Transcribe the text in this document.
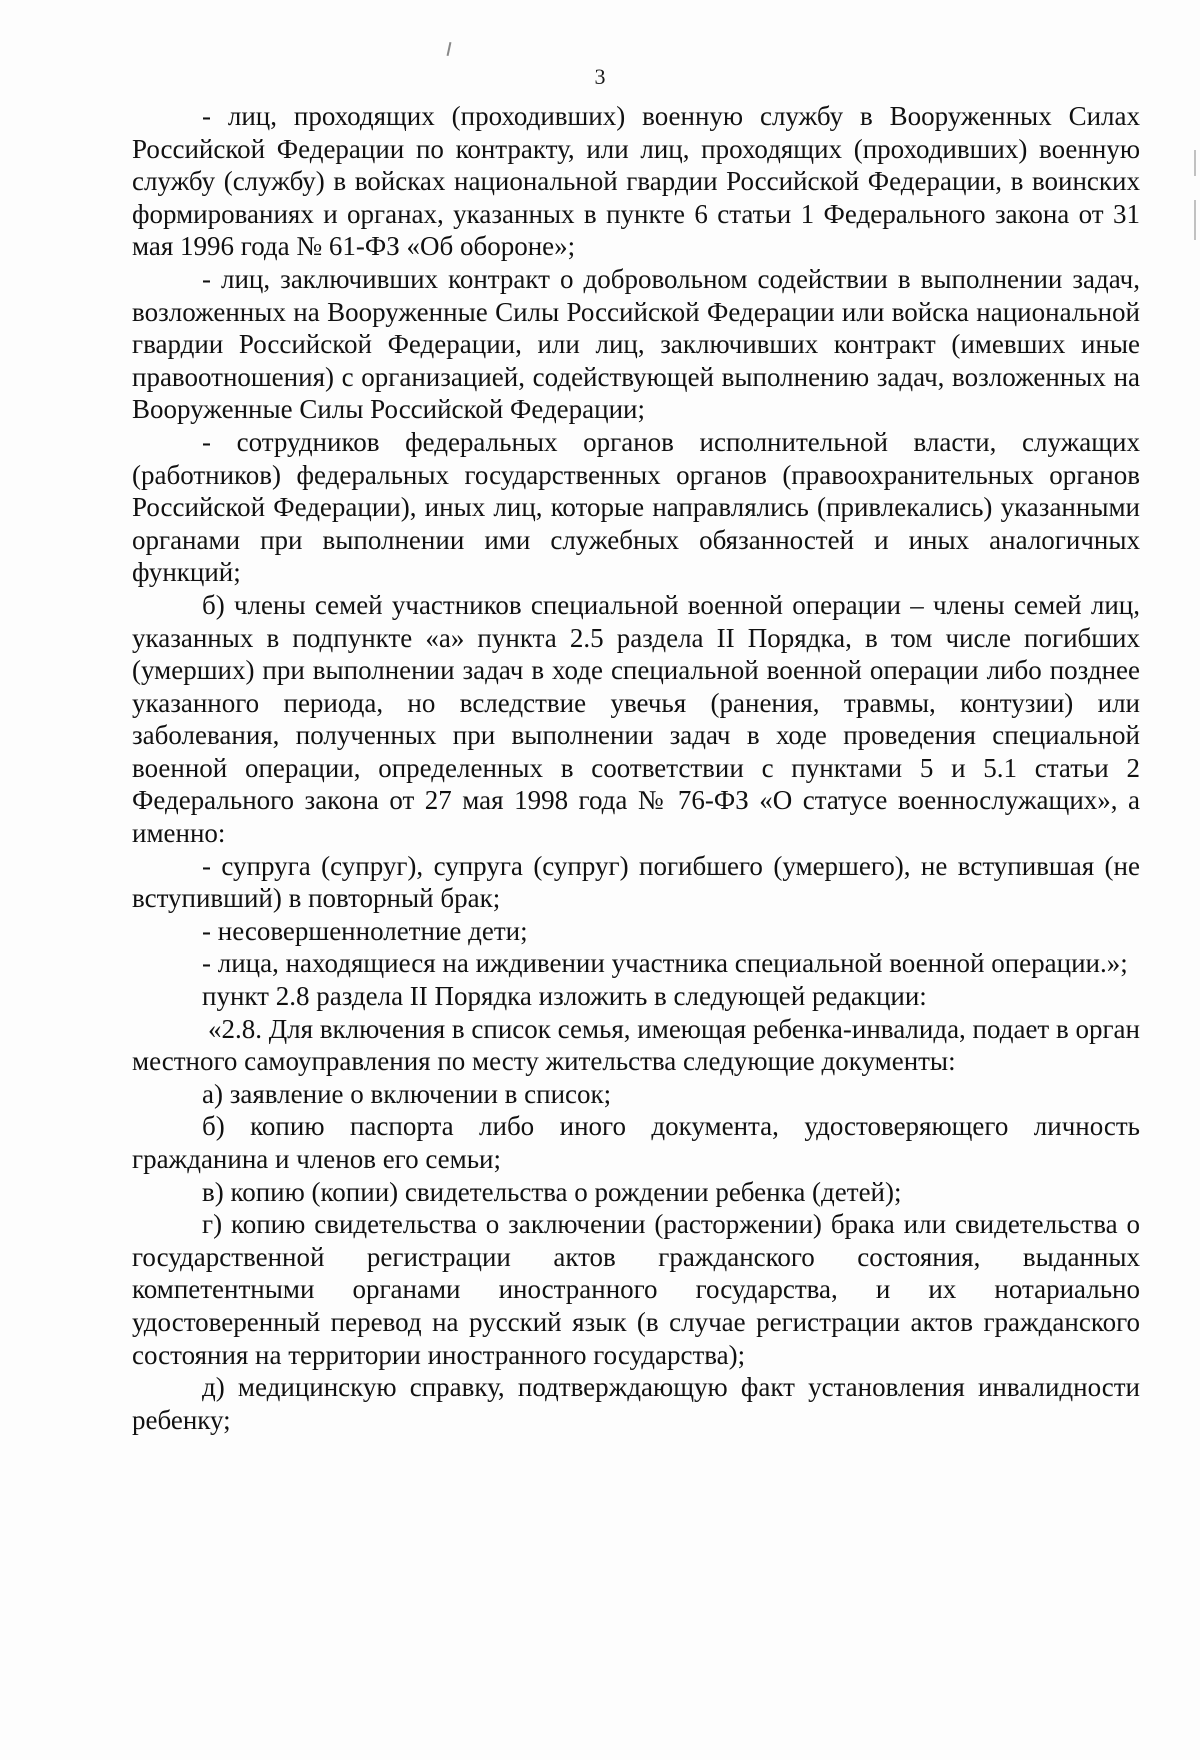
3

- лиц, проходящих (проходивших) военную службу в Вооруженных Силах Российской Федерации по контракту, или лиц, проходящих (проходивших) военную службу (службу) в войсках национальной гвардии Российской Федерации, в воинских формированиях и органах, указанных в пункте 6 статьи 1 Федерального закона от 31 мая 1996 года № 61-ФЗ «Об обороне»;

- лиц, заключивших контракт о добровольном содействии в выполнении задач, возложенных на Вооруженные Силы Российской Федерации или войска национальной гвардии Российской Федерации, или лиц, заключивших контракт (имевших иные правоотношения) с организацией, содействующей выполнению задач, возложенных на Вооруженные Силы Российской Федерации;

- сотрудников федеральных органов исполнительной власти, служащих (работников) федеральных государственных органов (правоохранительных органов Российской Федерации), иных лиц, которые направлялись (привлекались) указанными органами при выполнении ими служебных обязанностей и иных аналогичных функций;

б) члены семей участников специальной военной операции – члены семей лиц, указанных в подпункте «а» пункта 2.5 раздела II Порядка, в том числе погибших (умерших) при выполнении задач в ходе специальной военной операции либо позднее указанного периода, но вследствие увечья (ранения, травмы, контузии) или заболевания, полученных при выполнении задач в ходе проведения специальной военной операции, определенных в соответствии с пунктами 5 и 5.1 статьи 2 Федерального закона от 27 мая 1998 года № 76-ФЗ «О статусе военнослужащих», а именно:

- супруга (супруг), супруга (супруг) погибшего (умершего), не вступившая (не вступивший) в повторный брак;

- несовершеннолетние дети;

- лица, находящиеся на иждивении участника специальной военной операции.»;

пункт 2.8 раздела II Порядка изложить в следующей редакции:

«2.8. Для включения в список семья, имеющая ребенка-инвалида, подает в орган местного самоуправления по месту жительства следующие документы:

а) заявление о включении в список;

б) копию паспорта либо иного документа, удостоверяющего личность гражданина и членов его семьи;

в) копию (копии) свидетельства о рождении ребенка (детей);

г) копию свидетельства о заключении (расторжении) брака или свидетельства о государственной регистрации актов гражданского состояния, выданных компетентными органами иностранного государства, и их нотариально удостоверенный перевод на русский язык (в случае регистрации актов гражданского состояния на территории иностранного государства);

д) медицинскую справку, подтверждающую факт установления инвалидности ребенку;
